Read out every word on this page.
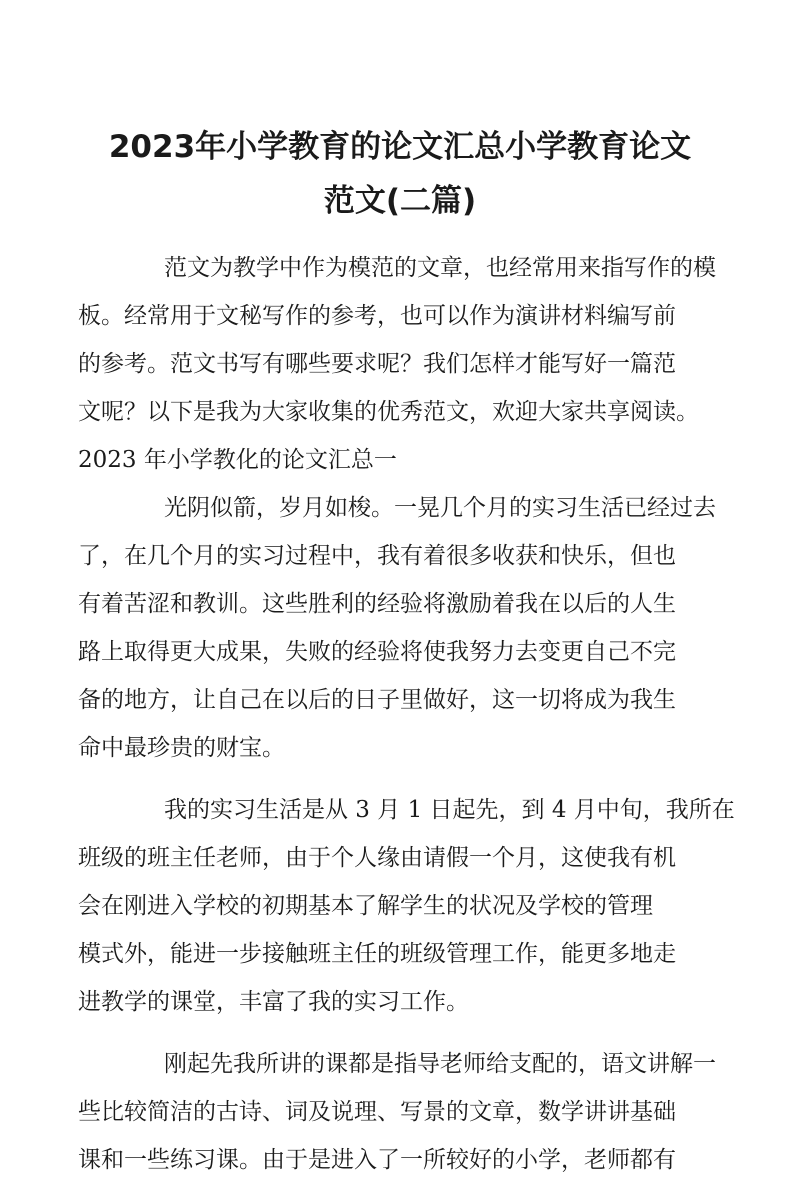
2023年小学教育的论文汇总小学教育论文
范文(二篇)
范文为教学中作为模范的文章，也经常用来指写作的模
板。经常用于文秘写作的参考，也可以作为演讲材料编写前
的参考。范文书写有哪些要求呢？我们怎样才能写好一篇范
文呢？以下是我为大家收集的优秀范文，欢迎大家共享阅读。
2023 年小学教化的论文汇总一
光阴似箭，岁月如梭。一晃几个月的实习生活已经过去
了，在几个月的实习过程中，我有着很多收获和快乐，但也
有着苦涩和教训。这些胜利的经验将激励着我在以后的人生
路上取得更大成果，失败的经验将使我努力去变更自己不完
备的地方，让自己在以后的日子里做好，这一切将成为我生
命中最珍贵的财宝。
我的实习生活是从 3 月 1 日起先，到 4 月中旬，我所在
班级的班主任老师，由于个人缘由请假一个月，这使我有机
会在刚进入学校的初期基本了解学生的状况及学校的管理
模式外，能进一步接触班主任的班级管理工作，能更多地走
进教学的课堂，丰富了我的实习工作。
刚起先我所讲的课都是指导老师给支配的，语文讲解一
些比较简洁的古诗、词及说理、写景的文章，数学讲讲基础
课和一些练习课。由于是进入了一所较好的小学，老师都有
